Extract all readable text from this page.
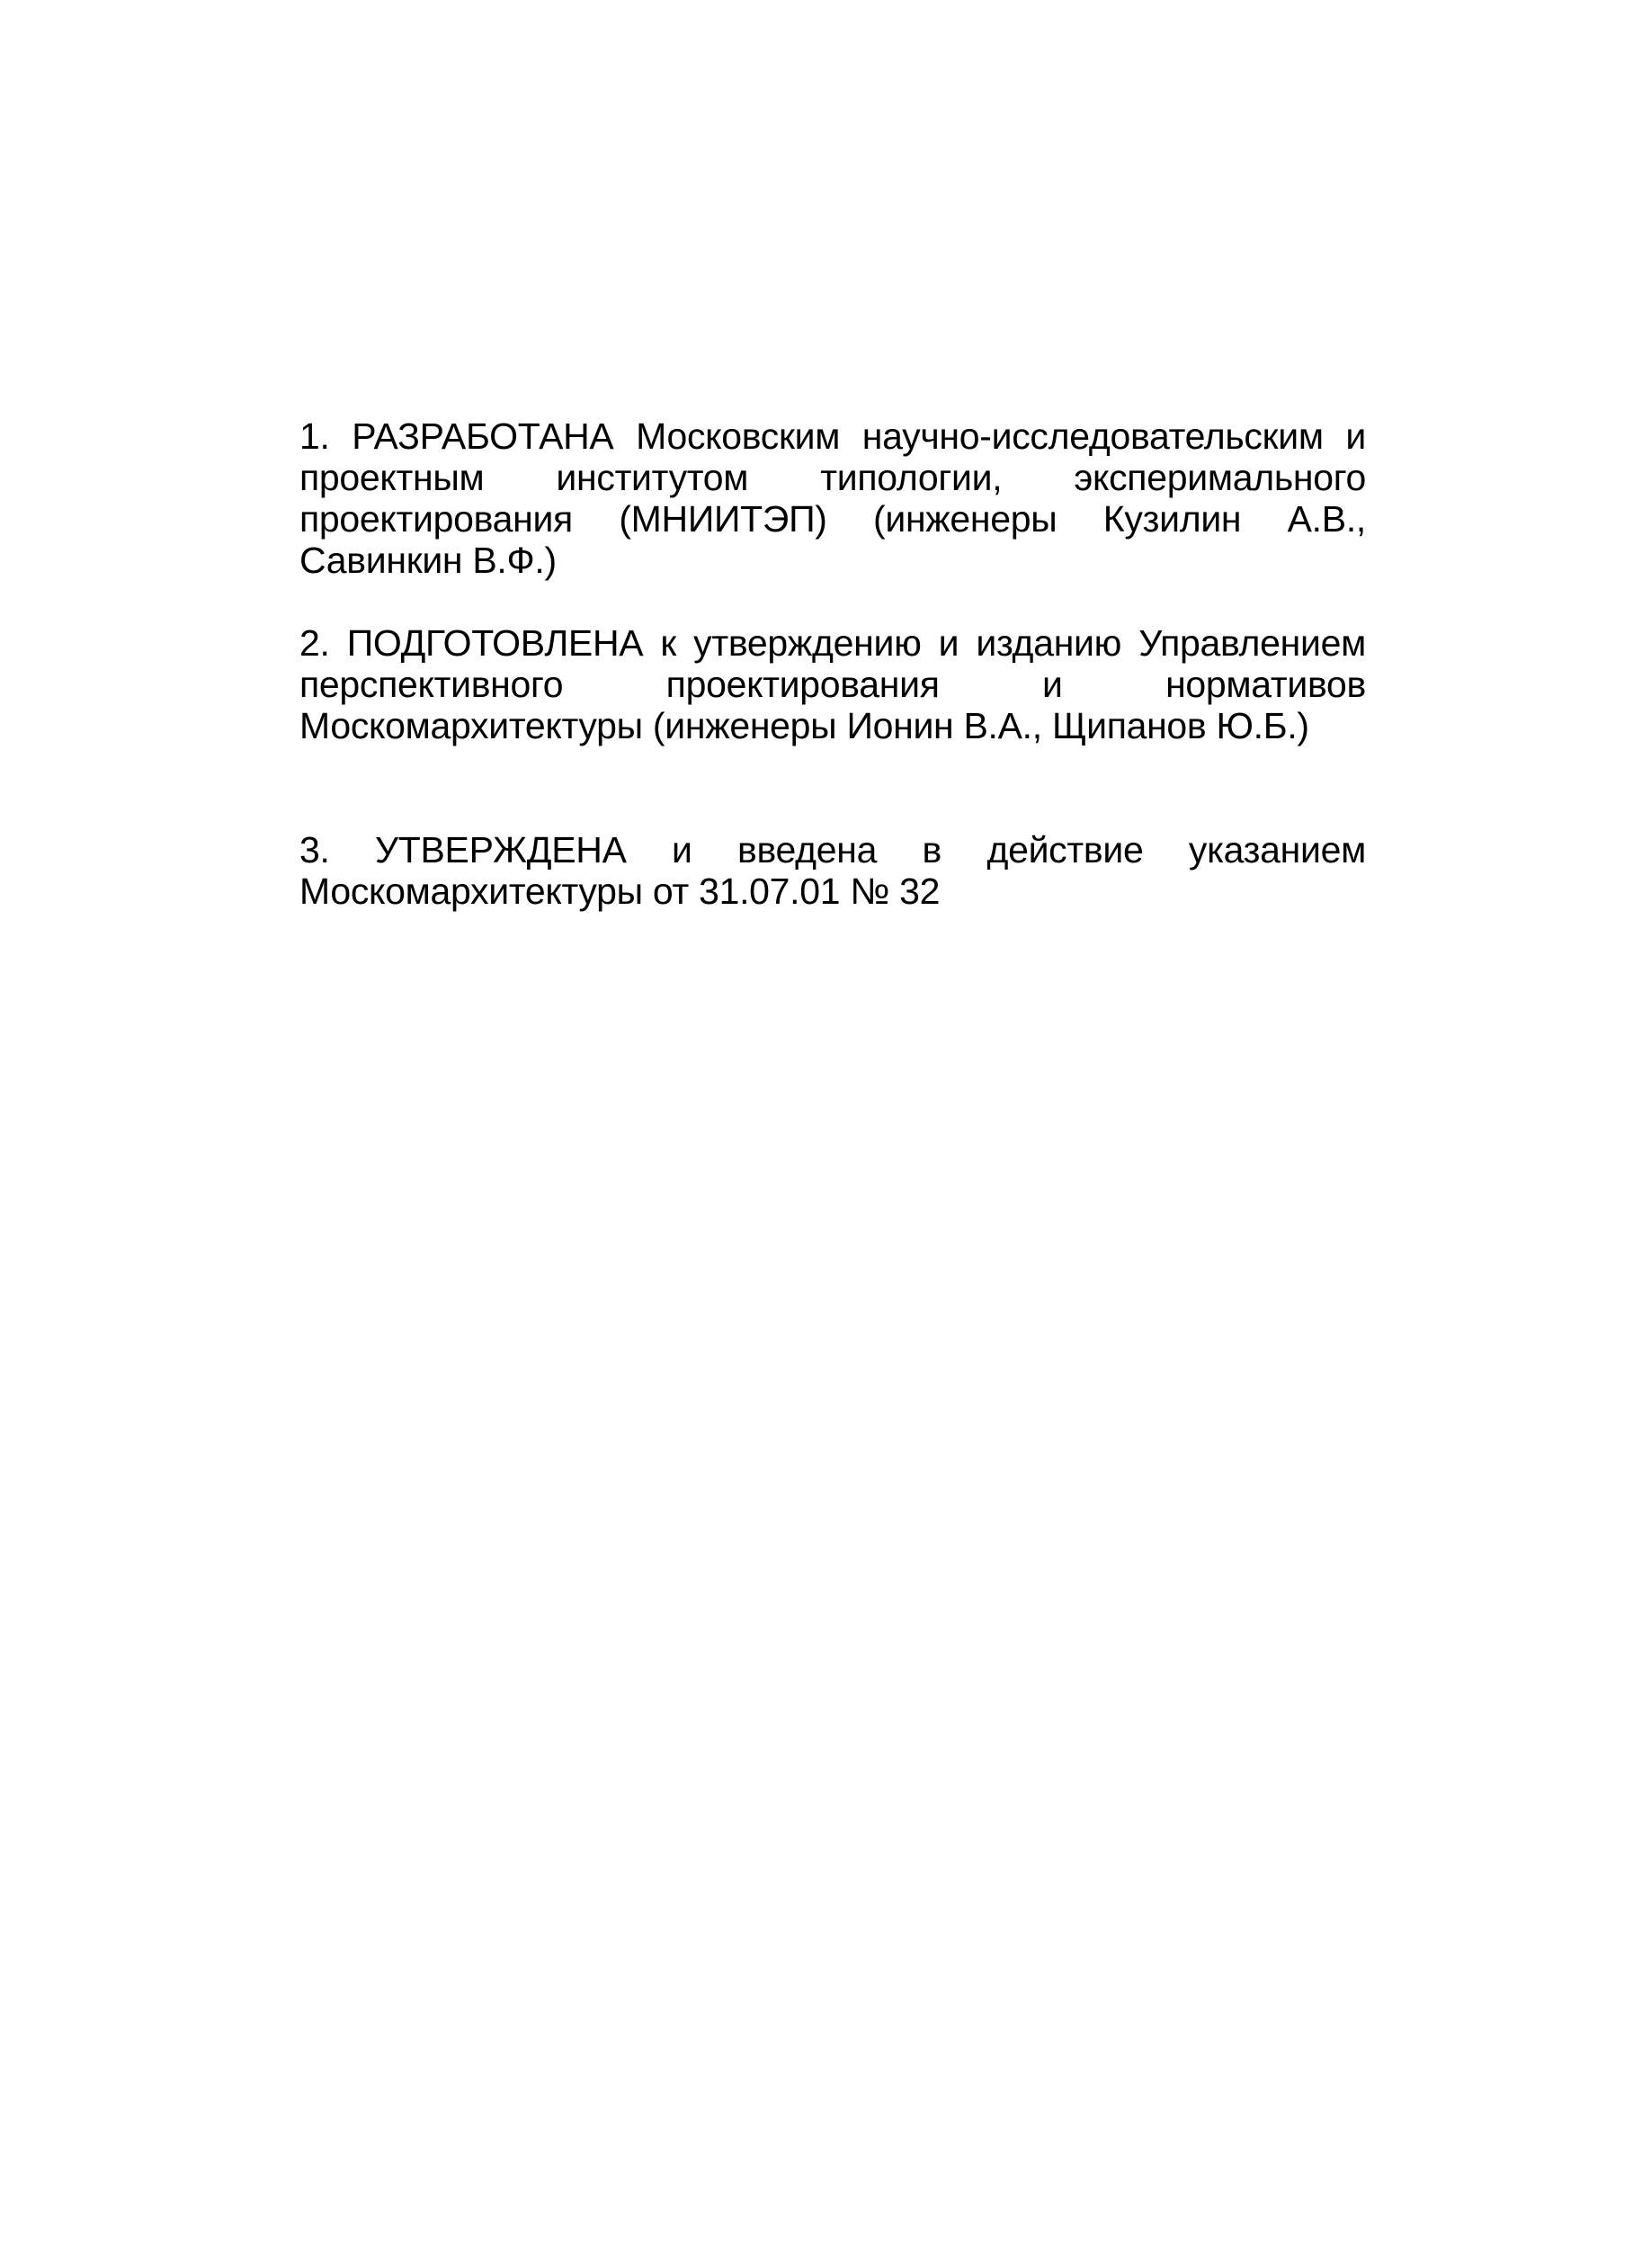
1. РАЗРАБОТАНА Московским научно-исследовательским и проектным институтом типологии, эксперимального проектирования (МНИИТЭП) (инженеры Кузилин А.В., Савинкин В.Ф.)

2. ПОДГОТОВЛЕНА к утверждению и изданию Управлением перспективного проектирования и нормативов Москомархитектуры (инженеры Ионин В.А., Щипанов Ю.Б.)

3. УТВЕРЖДЕНА и введена в действие указанием Москомархитектуры от 31.07.01 № 32
